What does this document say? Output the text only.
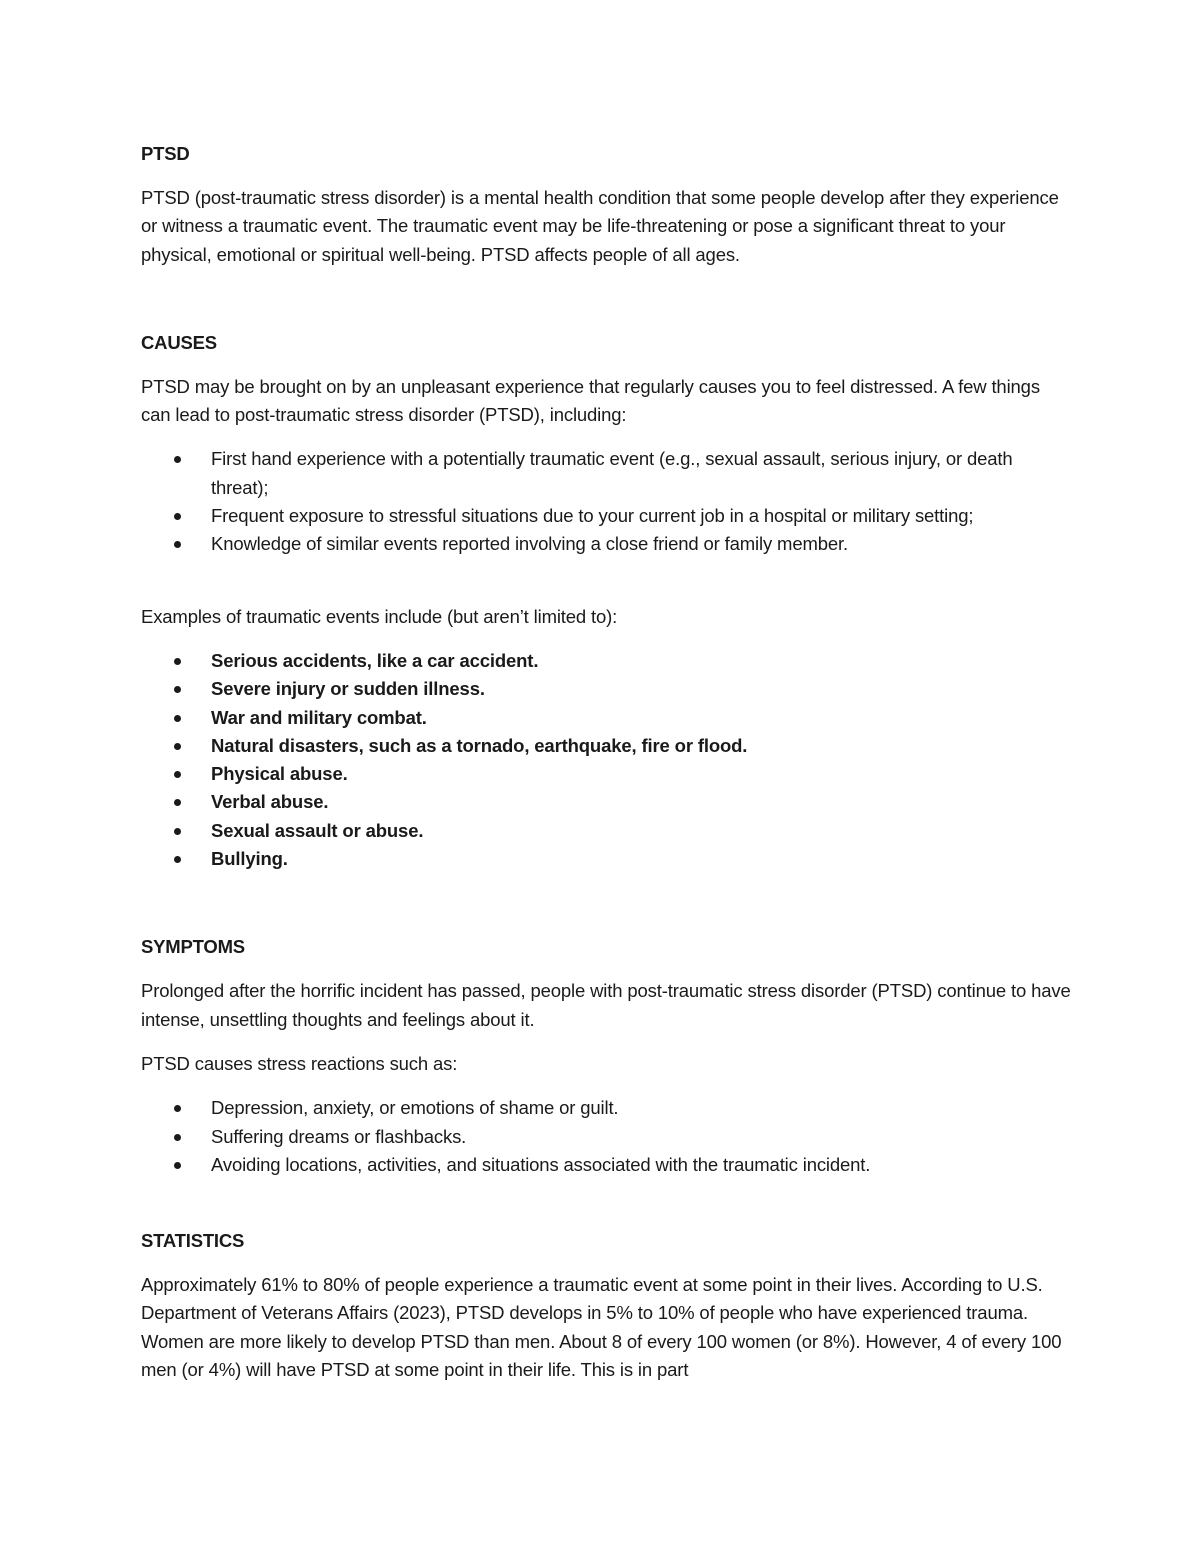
PTSD

PTSD (post-traumatic stress disorder) is a mental health condition that some people develop after they experience or witness a traumatic event. The traumatic event may be life-threatening or pose a significant threat to your physical, emotional or spiritual well-being. PTSD affects people of all ages.

CAUSES

PTSD may be brought on by an unpleasant experience that regularly causes you to feel distressed. A few things can lead to post-traumatic stress disorder (PTSD), including:

First hand experience with a potentially traumatic event (e.g., sexual assault, serious injury, or death threat);
Frequent exposure to stressful situations due to your current job in a hospital or military setting;
Knowledge of similar events reported involving a close friend or family member.

Examples of traumatic events include (but aren’t limited to):

Serious accidents, like a car accident.
Severe injury or sudden illness.
War and military combat.
Natural disasters, such as a tornado, earthquake, fire or flood.
Physical abuse.
Verbal abuse.
Sexual assault or abuse.
Bullying.
SYMPTOMS

Prolonged after the horrific incident has passed, people with post-traumatic stress disorder (PTSD) continue to have intense, unsettling thoughts and feelings about it.

PTSD causes stress reactions such as:

Depression, anxiety, or emotions of shame or guilt.
Suffering dreams or flashbacks.
Avoiding locations, activities, and situations associated with the traumatic incident.
STATISTICS

Approximately 61% to 80% of people experience a traumatic event at some point in their lives. According to U.S. Department of Veterans Affairs (2023), PTSD develops in 5% to 10% of people who have experienced trauma. Women are more likely to develop PTSD than men. About 8 of every 100 women (or 8%). However, 4 of every 100 men (or 4%) will have PTSD at some point in their life. This is in part
